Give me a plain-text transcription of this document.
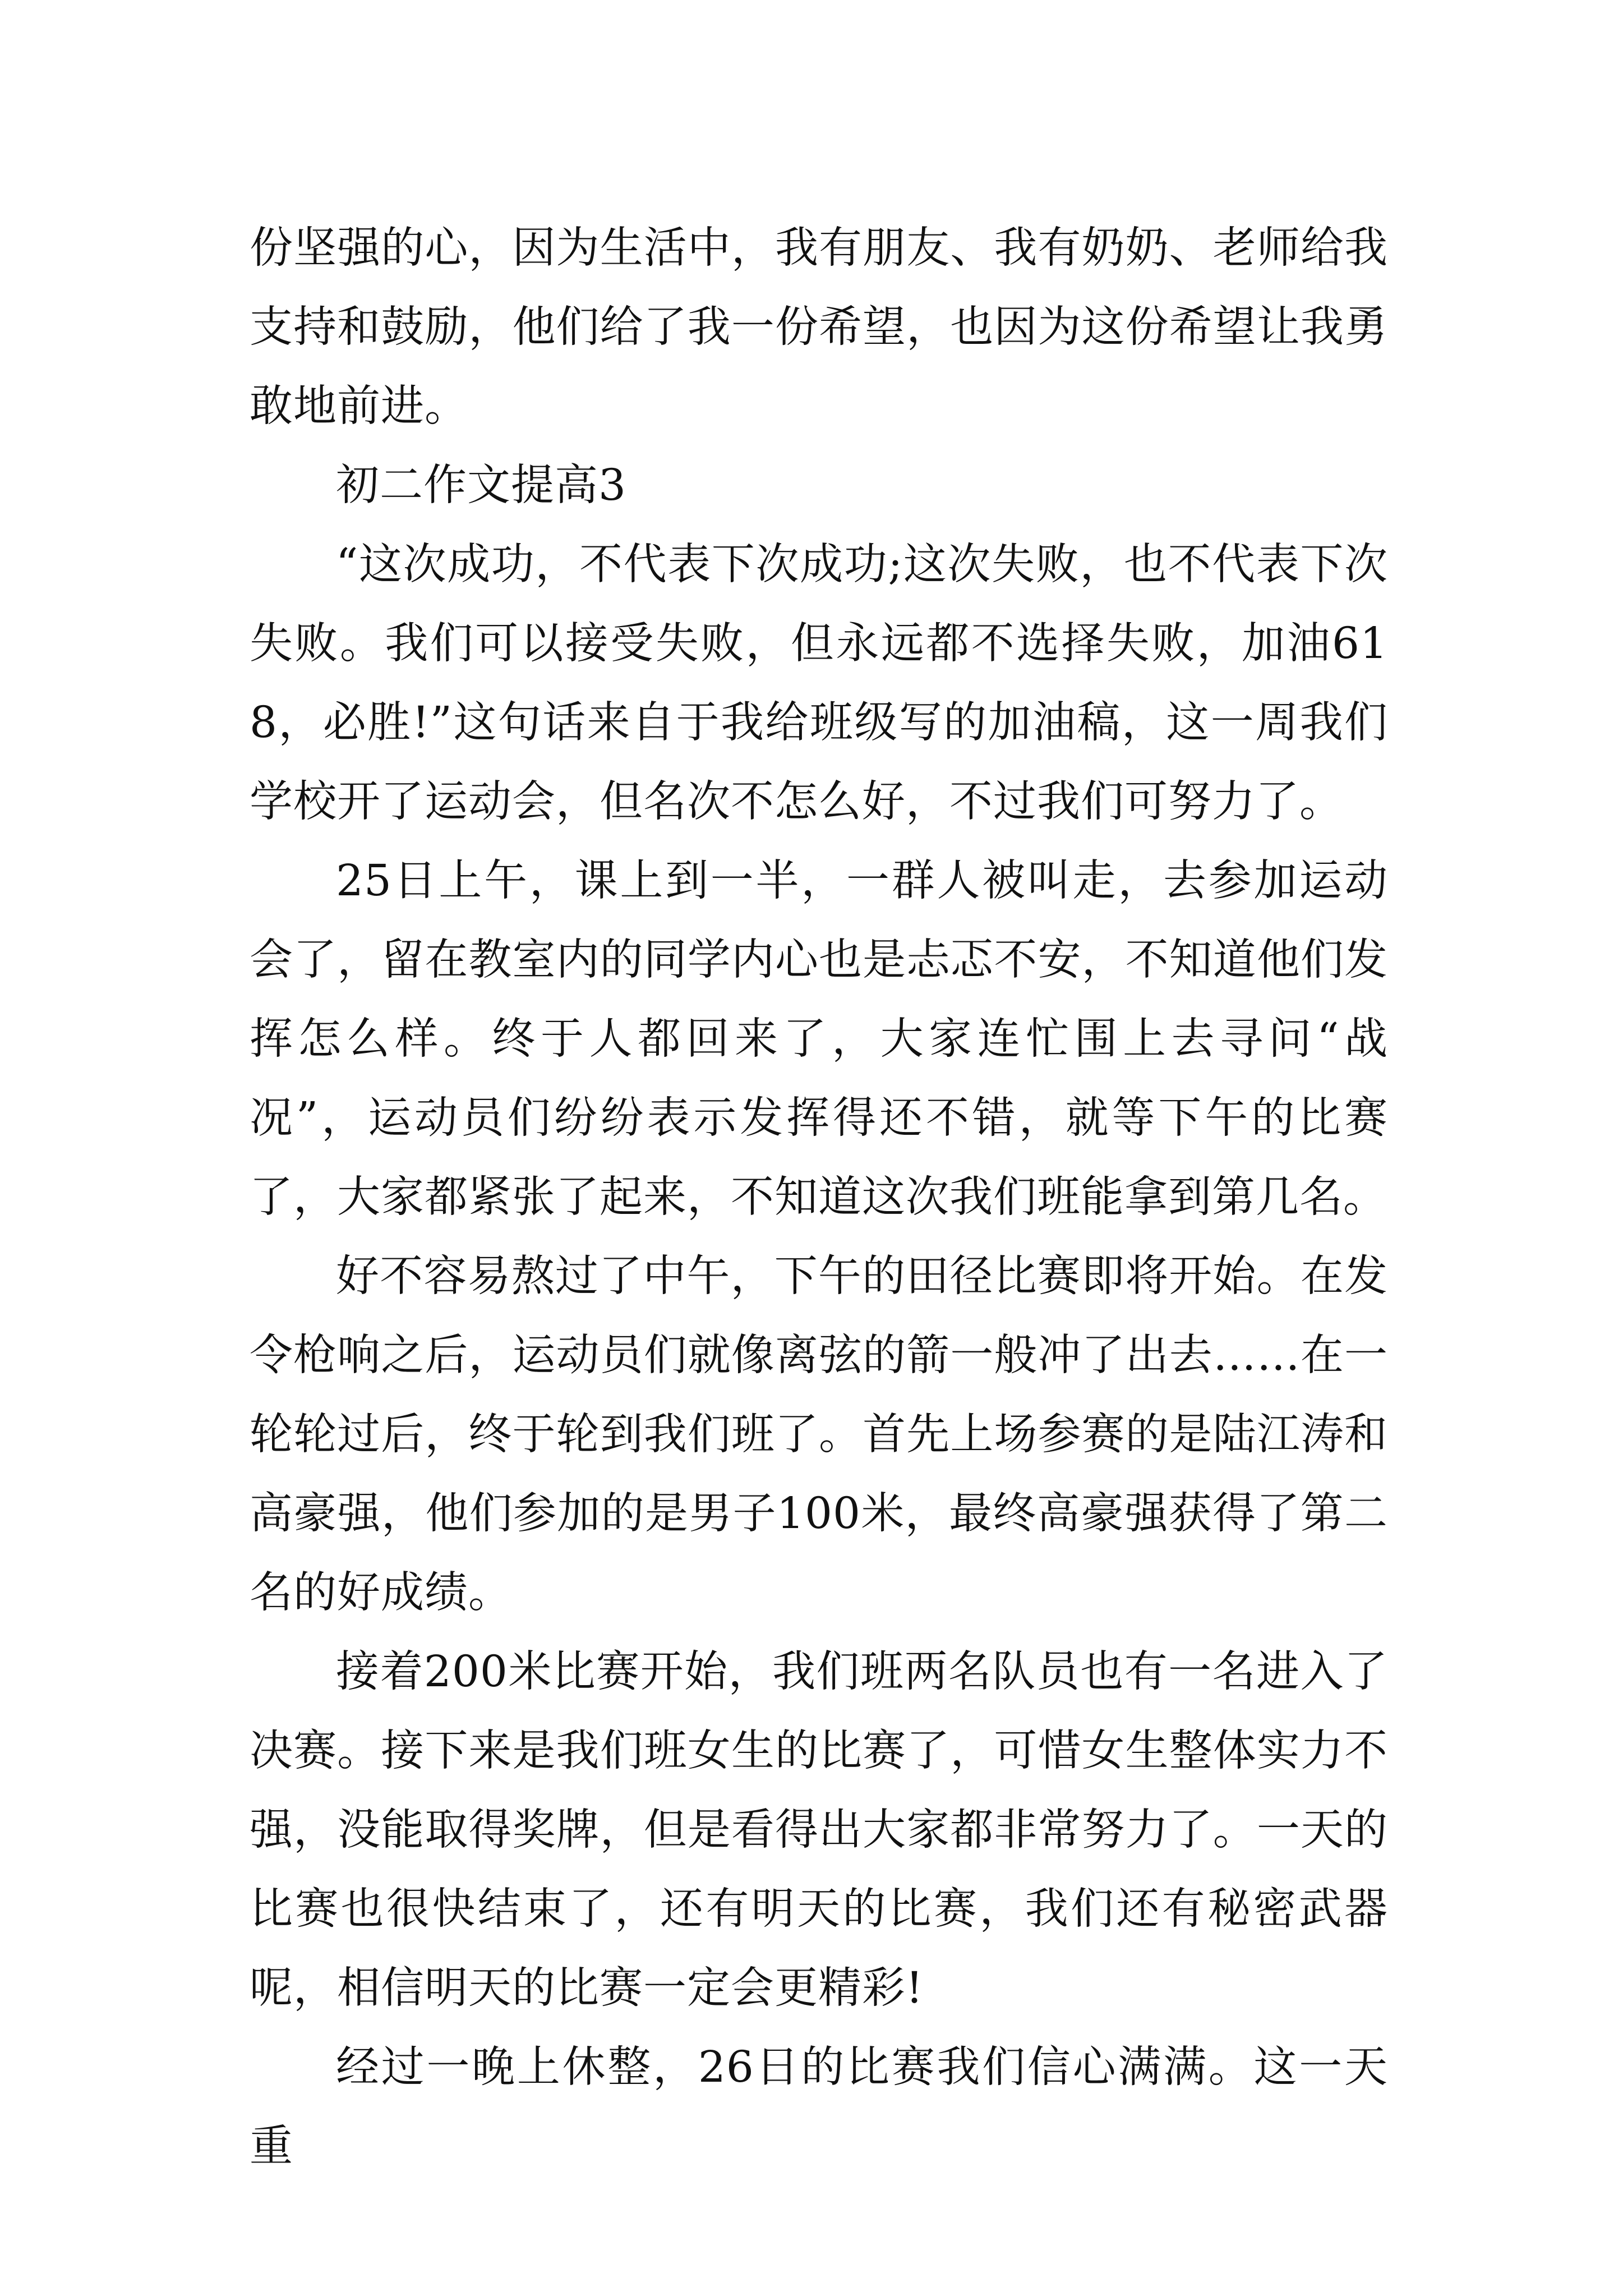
份坚强的心，因为生活中，我有朋友、我有奶奶、老师给我支持和鼓励，他们给了我一份希望，也因为这份希望让我勇敢地前进。

初二作文提高3

“这次成功，不代表下次成功;这次失败，也不代表下次失败。我们可以接受失败，但永远都不选择失败，加油618，必胜!”这句话来自于我给班级写的加油稿，这一周我们学校开了运动会，但名次不怎么好，不过我们可努力了。

25日上午，课上到一半，一群人被叫走，去参加运动会了，留在教室内的同学内心也是忐忑不安，不知道他们发挥怎么样。终于人都回来了，大家连忙围上去寻问“战况”，运动员们纷纷表示发挥得还不错，就等下午的比赛了，大家都紧张了起来，不知道这次我们班能拿到第几名。

好不容易熬过了中午，下午的田径比赛即将开始。在发令枪响之后，运动员们就像离弦的箭一般冲了出去……在一轮轮过后，终于轮到我们班了。首先上场参赛的是陆江涛和高豪强，他们参加的是男子100米，最终高豪强获得了第二名的好成绩。

接着200米比赛开始，我们班两名队员也有一名进入了决赛。接下来是我们班女生的比赛了，可惜女生整体实力不强，没能取得奖牌，但是看得出大家都非常努力了。一天的比赛也很快结束了，还有明天的比赛，我们还有秘密武器呢，相信明天的比赛一定会更精彩!

经过一晚上休整，26日的比赛我们信心满满。这一天重
